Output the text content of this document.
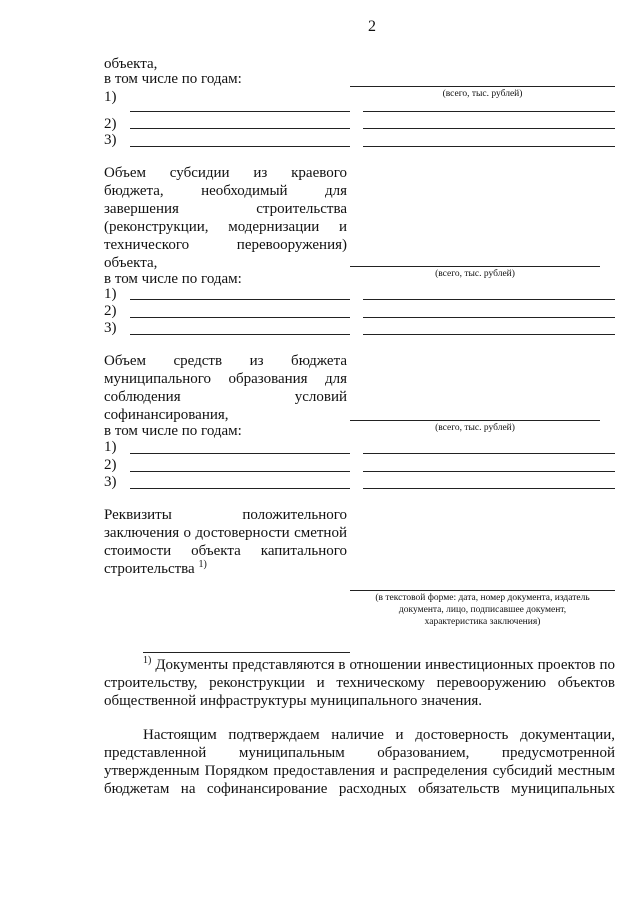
2
объекта,
в том числе по годам:
(всего, тыс. рублей)
1)
2)
3)
Объем субсидии из краевого
бюджета, необходимый для
завершения строительства
(реконструкции, модернизации и
технического перевооружения)
объекта,
в том числе по годам:	(всего, тыс. рублей)
1)
2)
3)
Объем средств из бюджета
муниципального образования для
соблюдения условий
софинансирования,
в том числе по годам:	(всего, тыс. рублей)
1)
2)
3)
Реквизиты положительного
заключения о достоверности сметной
стоимости объекта капитального
строительства $^{1)}$
(в текстовой форме: дата, номер документа, издатель
документа, лицо, подписавшее документ,
характеристика заключения)
$^{1)}$ Документы представляются в отношении инвестиционных проектов по
строительству, реконструкции и техническому перевооружению объектов
общественной инфраструктуры муниципального значения.
Настоящим подтверждаем наличие и достоверность документации,
представленной муниципальным образованием, предусмотренной
утвержденным Порядком предоставления и распределения субсидий местным
бюджетам на софинансирование расходных обязательств муниципальных
